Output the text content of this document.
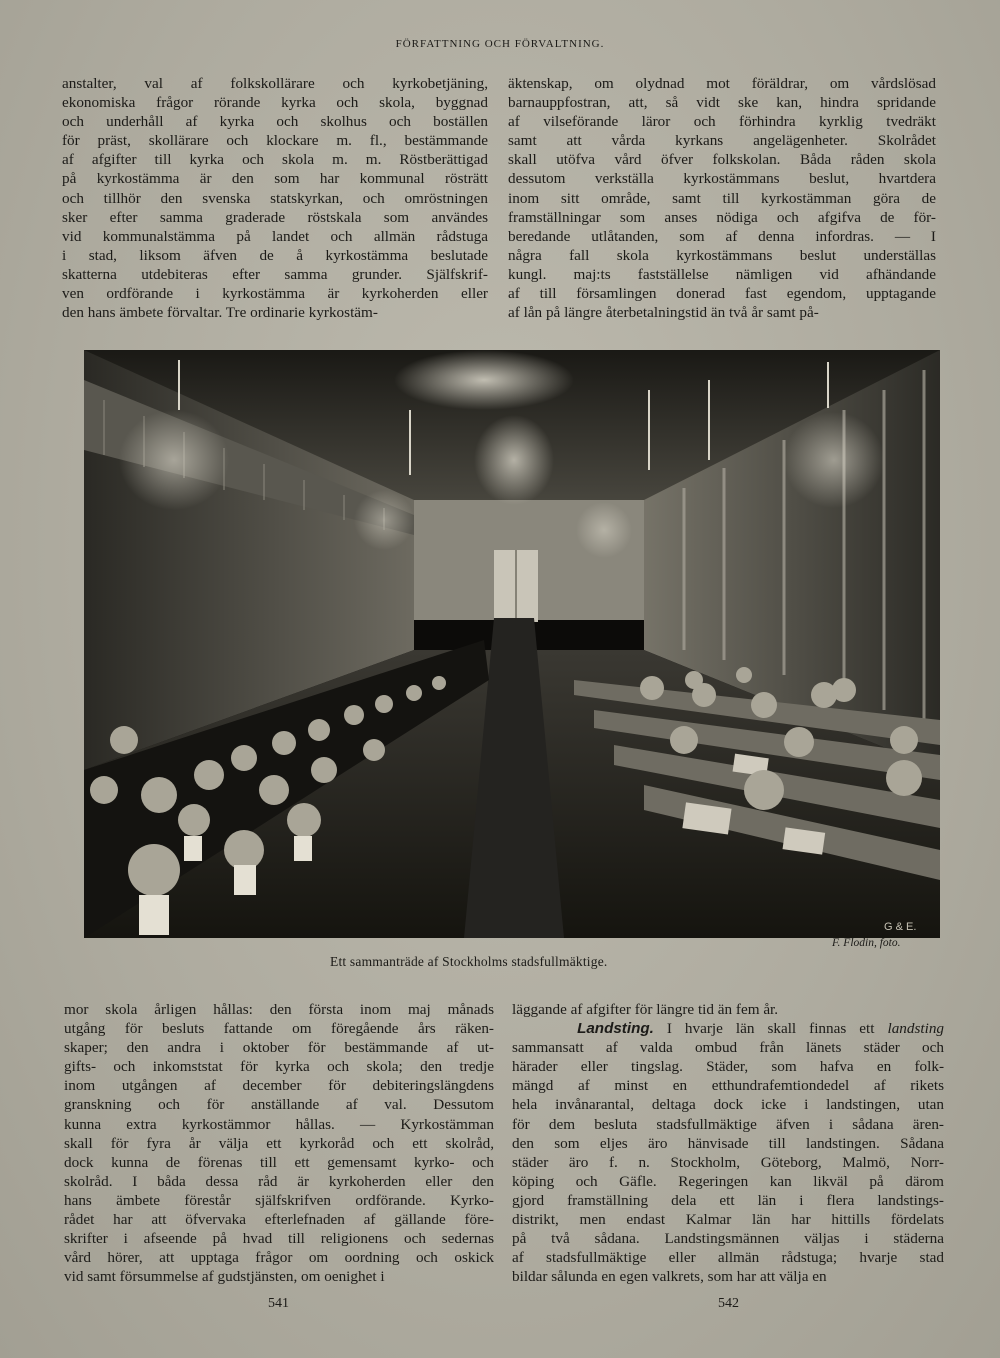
FÖRFATTNING OCH FÖRVALTNING.
anstalter, val af folkskollärare och kyrkobetjäning,
ekonomiska frågor rörande kyrka och skola, byggnad
och underhåll af kyrka och skolhus och boställen
för präst, skollärare och klockare m. fl., bestämmande
af afgifter till kyrka och skola m. m. Röstberättigad
på kyrkostämma är den som har kommunal rösträtt
och tillhör den svenska statskyrkan, och omröstningen
sker efter samma graderade röstskala som användes
vid kommunalstämma på landet och allmän rådstuga
i stad, liksom äfven de å kyrkostämma beslutade
skatterna utdebiteras efter samma grunder. Själfskrif-
ven ordförande i kyrkostämma är kyrkoherden eller
den hans ämbete förvaltar. Tre ordinarie kyrkostäm-
äktenskap, om olydnad mot föräldrar, om vårdslösad
barnauppfostran, att, så vidt ske kan, hindra spridande
af vilseförande läror och förhindra kyrklig tvedräkt
samt att vårda kyrkans angelägenheter. Skolrådet
skall utöfva vård öfver folkskolan. Båda råden skola
dessutom verkställa kyrkostämmans beslut, hvartdera
inom sitt område, samt till kyrkostämman göra de
framställningar som anses nödiga och afgifva de för-
beredande utlåtanden, som af denna infordras. — I
några fall skola kyrkostämmans beslut underställas
kungl. maj:ts fastställelse nämligen vid afhändande
af till församlingen donerad fast egendom, upptagande
af lån på längre återbetalningstid än två år samt på-
G & E.
F. Flodin, foto.
Ett sammanträde af Stockholms stadsfullmäktige.
mor skola årligen hållas: den första inom maj månads
utgång för besluts fattande om föregående års räken-
skaper; den andra i oktober för bestämmande af ut-
gifts- och inkomststat för kyrka och skola; den tredje
inom utgången af december för debiteringslängdens
granskning och för anställande af val. Dessutom
kunna extra kyrkostämmor hållas. — Kyrkostämman
skall för fyra år välja ett kyrkoråd och ett skolråd,
dock kunna de förenas till ett gemensamt kyrko- och
skolråd. I båda dessa råd är kyrkoherden eller den
hans ämbete förestår själfskrifven ordförande. Kyrko-
rådet har att öfvervaka efterlefnaden af gällande före-
skrifter i afseende på hvad till religionens och sedernas
vård hörer, att upptaga frågor om oordning och oskick
vid samt försummelse af gudstjänsten, om oenighet i
läggande af afgifter för längre tid än fem år.
Landsting. I hvarje län skall finnas ett landsting
sammansatt af valda ombud från länets städer och
härader eller tingslag. Städer, som hafva en folk-
mängd af minst en etthundrafemtiondedel af rikets
hela invånarantal, deltaga dock icke i landstingen, utan
för dem besluta stadsfullmäktige äfven i sådana ären-
den som eljes äro hänvisade till landstingen. Sådana
städer äro f. n. Stockholm, Göteborg, Malmö, Norr-
köping och Gäfle. Regeringen kan likväl på därom
gjord framställning dela ett län i flera landstings-
distrikt, men endast Kalmar län har hittills fördelats
på två sådana. Landstingsmännen väljas i städerna
af stadsfullmäktige eller allmän rådstuga; hvarje stad
bildar sålunda en egen valkrets, som har att välja en
541	542
